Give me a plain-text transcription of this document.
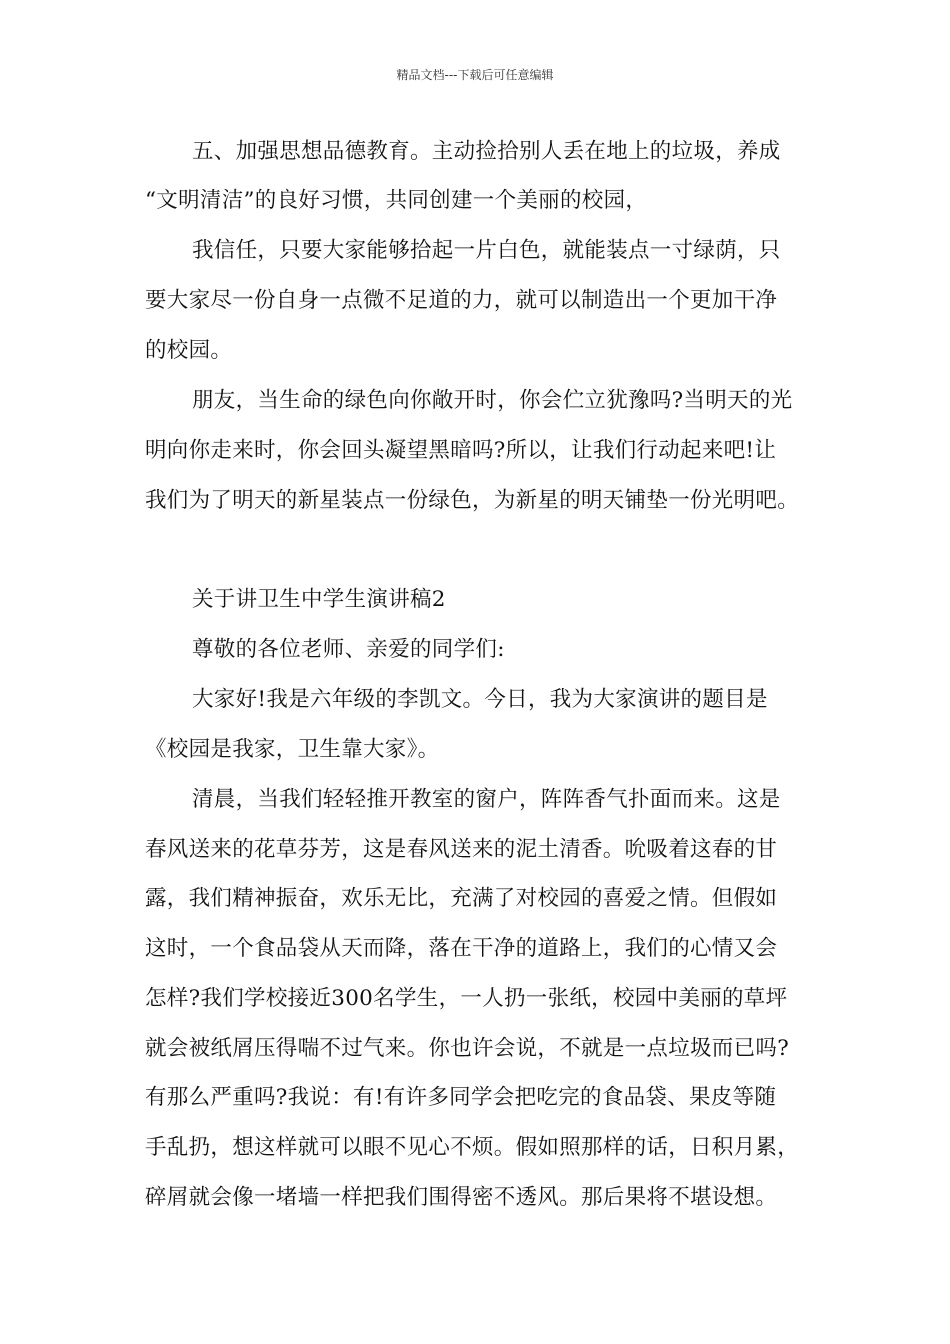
精品文档---下载后可任意编辑
五、加强思想品德教育。主动捡拾别人丢在地上的垃圾，养成
“文明清洁”的良好习惯，共同创建一个美丽的校园，
我信任，只要大家能够拾起一片白色，就能装点一寸绿荫，只
要大家尽一份自身一点微不足道的力，就可以制造出一个更加干净
的校园。
朋友，当生命的绿色向你敞开时，你会伫立犹豫吗?当明天的光
明向你走来时，你会回头凝望黑暗吗?所以，让我们行动起来吧!让
我们为了明天的新星装点一份绿色，为新星的明天铺垫一份光明吧。
关于讲卫生中学生演讲稿2
尊敬的各位老师、亲爱的同学们:
大家好!我是六年级的李凯文。今日，我为大家演讲的题目是
《校园是我家，卫生靠大家》。
清晨，当我们轻轻推开教室的窗户，阵阵香气扑面而来。这是
春风送来的花草芬芳，这是春风送来的泥土清香。吮吸着这春的甘
露，我们精神振奋，欢乐无比，充满了对校园的喜爱之情。但假如
这时，一个食品袋从天而降，落在干净的道路上，我们的心情又会
怎样?我们学校接近300名学生，一人扔一张纸，校园中美丽的草坪
就会被纸屑压得喘不过气来。你也许会说，不就是一点垃圾而已吗?
有那么严重吗?我说：有!有许多同学会把吃完的食品袋、果皮等随
手乱扔，想这样就可以眼不见心不烦。假如照那样的话，日积月累，
碎屑就会像一堵墙一样把我们围得密不透风。那后果将不堪设想。
